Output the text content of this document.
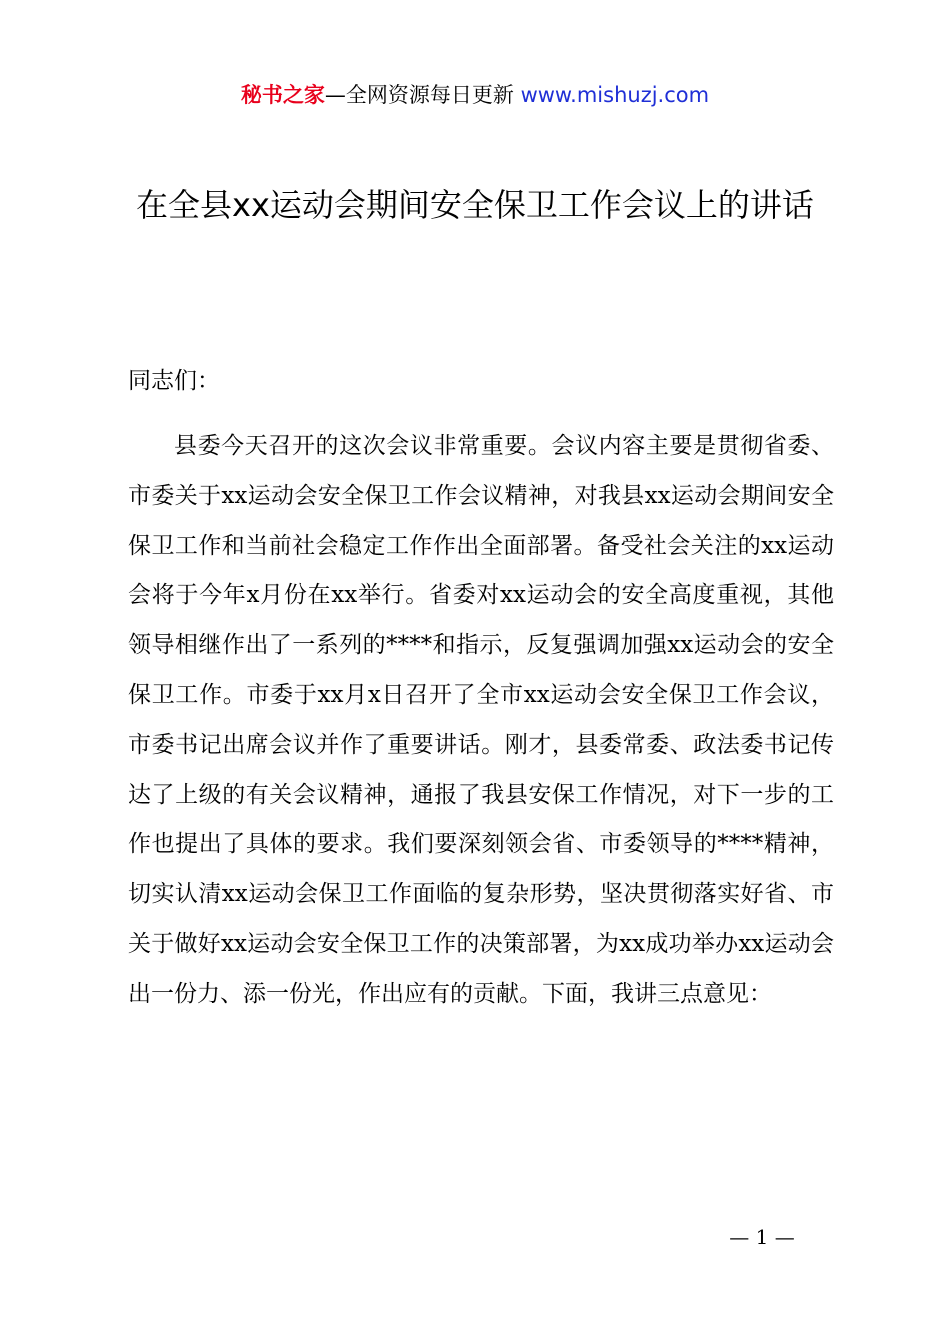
秘书之家—全网资源每日更新 www.mishuzj.com
在全县xx运动会期间安全保卫工作会议上的讲话

同志们：

县委今天召开的这次会议非常重要。会议内容主要是贯彻省委、市委关于xx运动会安全保卫工作会议精神，对我县xx运动会期间安全保卫工作和当前社会稳定工作作出全面部署。备受社会关注的xx运动会将于今年x月份在xx举行。省委对xx运动会的安全高度重视，其他领导相继作出了一系列的****和指示，反复强调加强xx运动会的安全保卫工作。市委于xx月x日召开了全市xx运动会安全保卫工作会议，市委书记出席会议并作了重要讲话。刚才，县委常委、政法委书记传达了上级的有关会议精神，通报了我县安保工作情况，对下一步的工作也提出了具体的要求。我们要深刻领会省、市委领导的****精神，切实认清xx运动会保卫工作面临的复杂形势，坚决贯彻落实好省、市关于做好xx运动会安全保卫工作的决策部署，为xx成功举办xx运动会出一份力、添一份光，作出应有的贡献。下面，我讲三点意见：

— 1 —
